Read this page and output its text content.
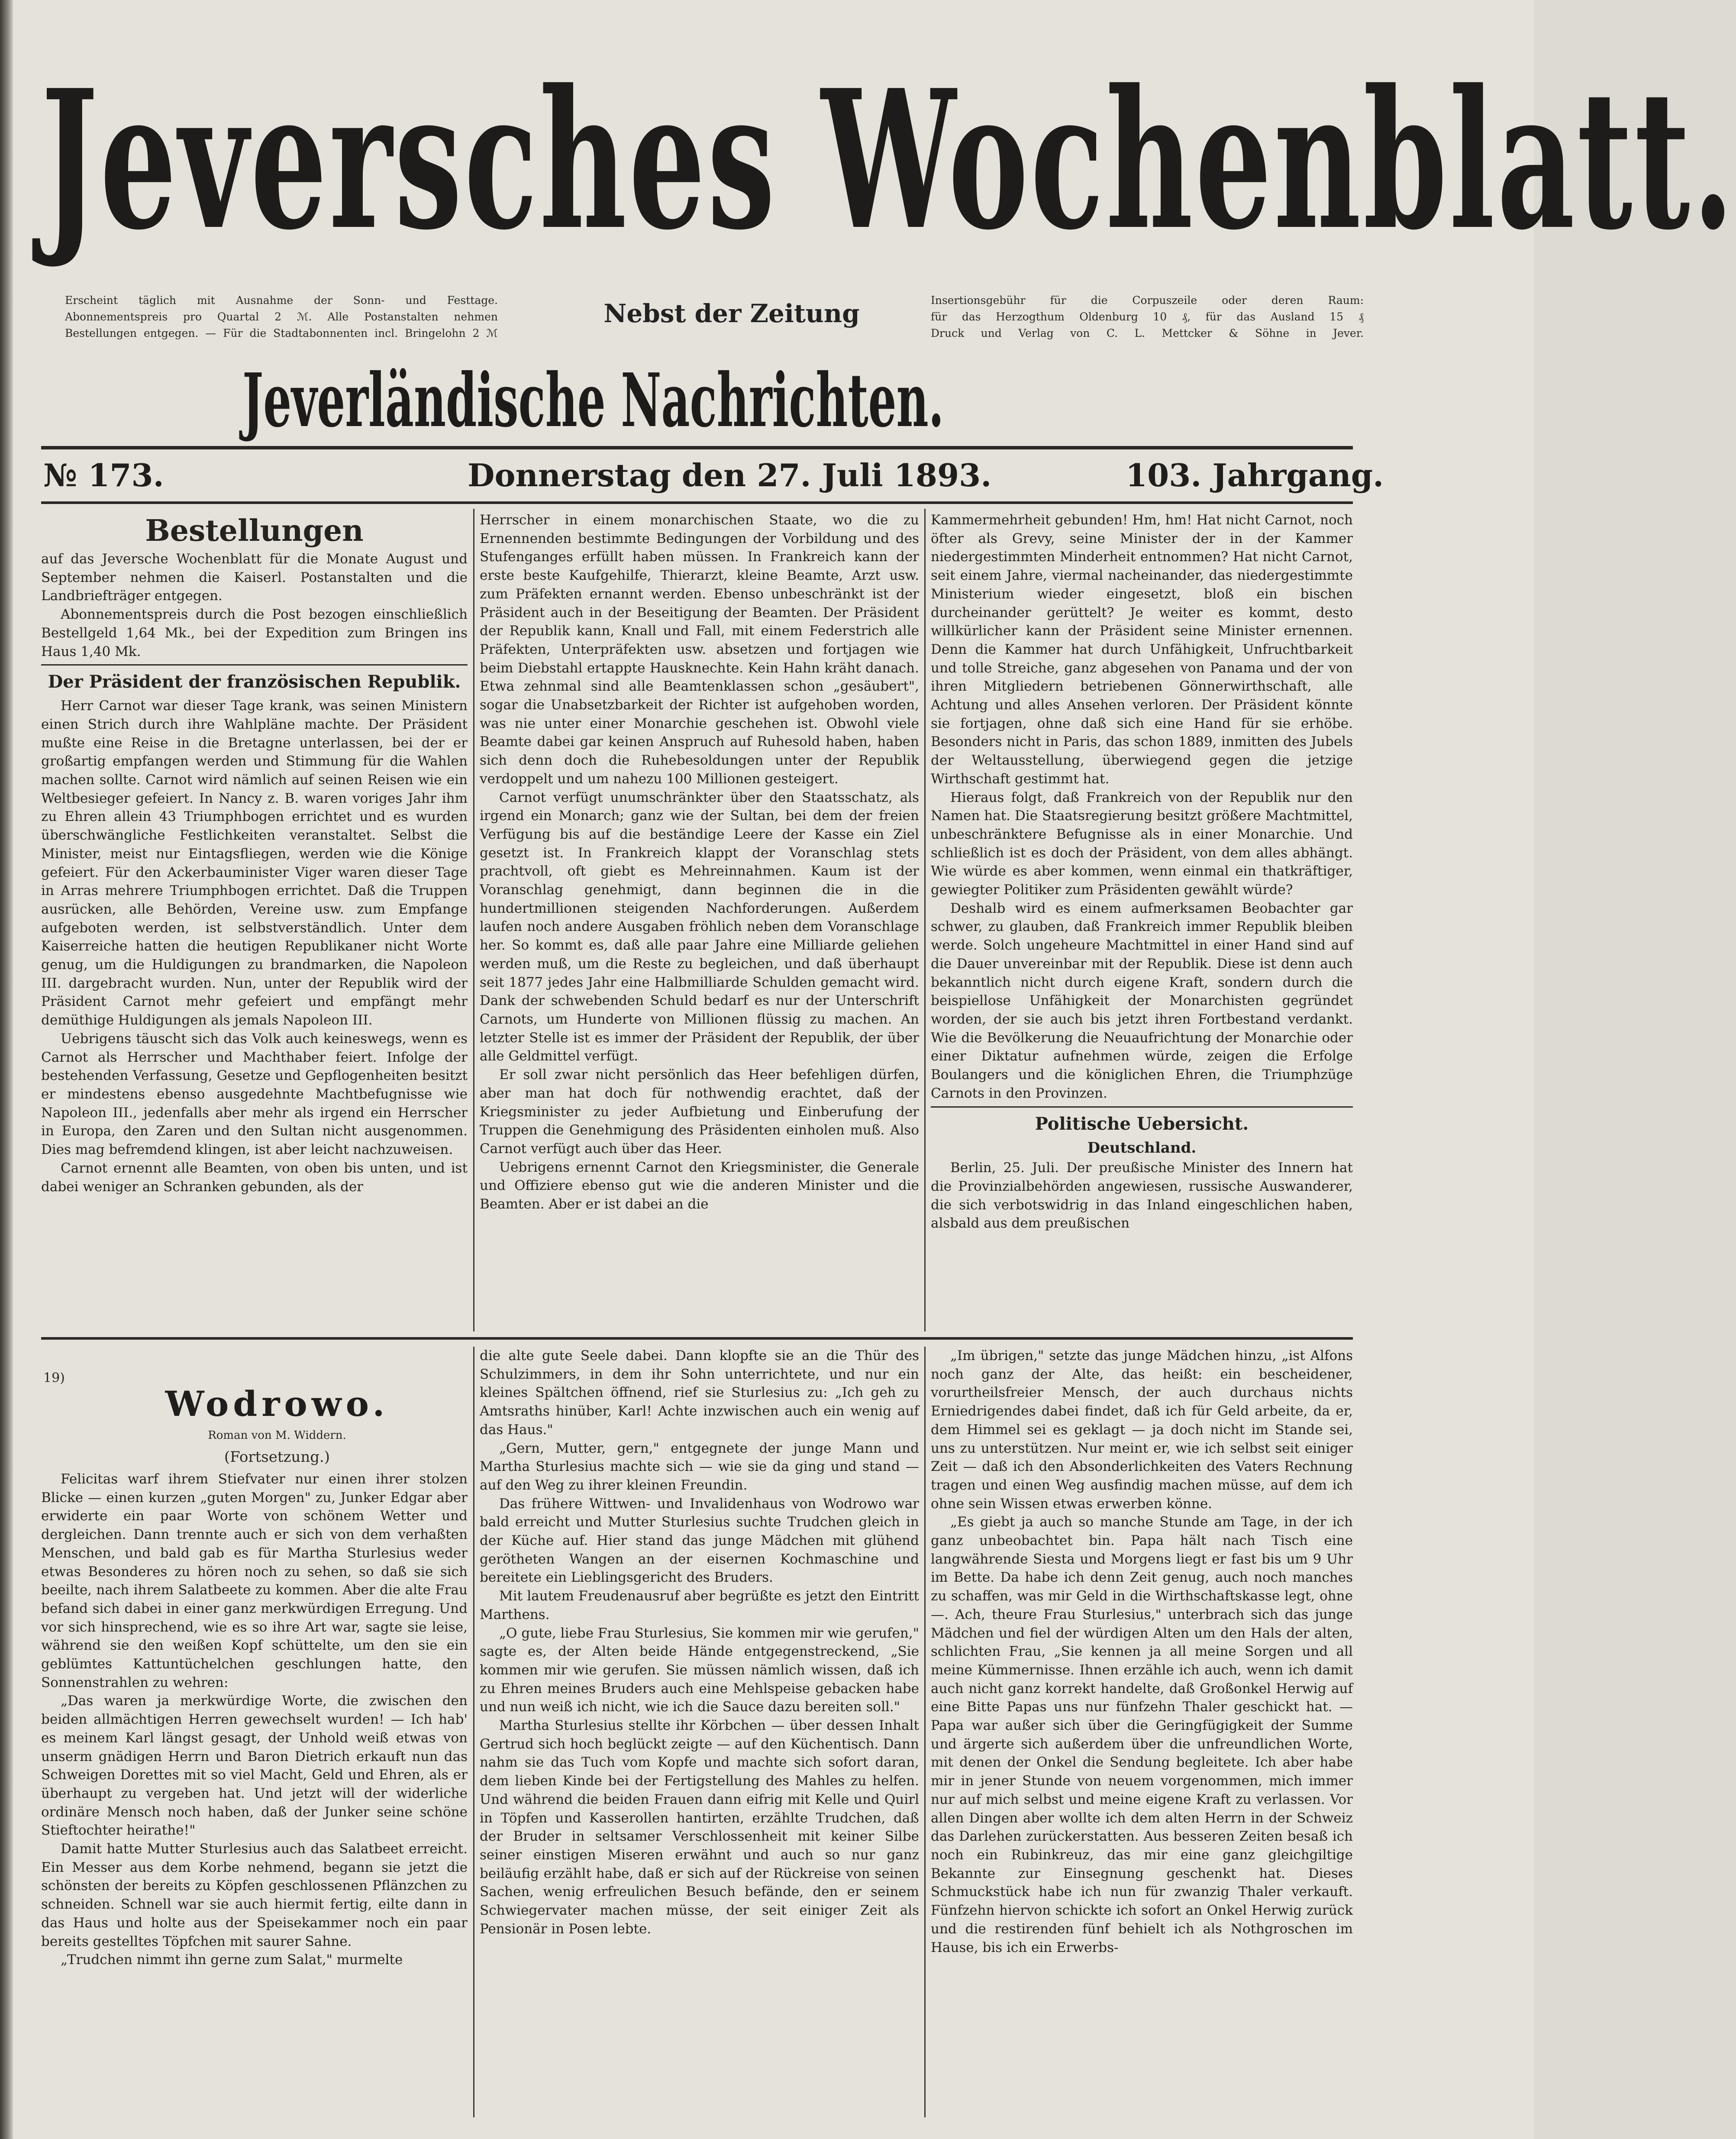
Jeversches Wochenblatt.
Erscheint täglich mit Ausnahme der Sonn- und Festtage.
Abonnementspreis pro Quartal 2 ℳ. Alle Postanstalten nehmen
Bestellungen entgegen. — Für die Stadtabonnenten incl. Bringelohn 2 ℳ
Nebst der Zeitung	Insertionsgebühr für die Corpuszeile oder deren Raum:
für das Herzogthum Oldenburg 10 ₰, für das Ausland 15 ₰
Druck und Verlag von C. L. Mettcker & Söhne in Jever.
Jeverländische Nachrichten.
№ 173.	Donnerstag den 27. Juli 1893.	103. Jahrgang.

Bestellungen

auf das Jeversche Wochenblatt für die Monate August und September nehmen die Kaiserl. Postanstalten und die Landbriefträger entgegen.

Abonnementspreis durch die Post bezogen einschließlich Bestellgeld 1,64 Mk., bei der Expedition zum Bringen ins Haus 1,40 Mk.

Der Präsident der französischen Republik.

Herr Carnot war dieser Tage krank, was seinen Ministern einen Strich durch ihre Wahlpläne machte. Der Präsident mußte eine Reise in die Bretagne unterlassen, bei der er großartig empfangen werden und Stimmung für die Wahlen machen sollte. Carnot wird nämlich auf seinen Reisen wie ein Weltbesieger gefeiert. In Nancy z. B. waren voriges Jahr ihm zu Ehren allein 43 Triumphbogen errichtet und es wurden überschwängliche Festlichkeiten veranstaltet. Selbst die Minister, meist nur Eintagsfliegen, werden wie die Könige gefeiert. Für den Ackerbauminister Viger waren dieser Tage in Arras mehrere Triumphbogen errichtet. Daß die Truppen ausrücken, alle Behörden, Vereine usw. zum Empfange aufgeboten werden, ist selbstverständlich. Unter dem Kaiserreiche hatten die heutigen Republikaner nicht Worte genug, um die Huldigungen zu brandmarken, die Napoleon III. dargebracht wurden. Nun, unter der Republik wird der Präsident Carnot mehr gefeiert und empfängt mehr demüthige Huldigungen als jemals Napoleon III.

Uebrigens täuscht sich das Volk auch keineswegs, wenn es Carnot als Herrscher und Machthaber feiert. Infolge der bestehenden Verfassung, Gesetze und Gepflogenheiten besitzt er mindestens ebenso ausgedehnte Machtbefugnisse wie Napoleon III., jedenfalls aber mehr als irgend ein Herrscher in Europa, den Zaren und den Sultan nicht ausgenommen. Dies mag befremdend klingen, ist aber leicht nachzuweisen.

Carnot ernennt alle Beamten, von oben bis unten, und ist dabei weniger an Schranken gebunden, als der

Herrscher in einem monarchischen Staate, wo die zu Ernennenden bestimmte Bedingungen der Vorbildung und des Stufenganges erfüllt haben müssen. In Frankreich kann der erste beste Kaufgehilfe, Thierarzt, kleine Beamte, Arzt usw. zum Präfekten ernannt werden. Ebenso unbeschränkt ist der Präsident auch in der Beseitigung der Beamten. Der Präsident der Republik kann, Knall und Fall, mit einem Federstrich alle Präfekten, Unterpräfekten usw. absetzen und fortjagen wie beim Diebstahl ertappte Hausknechte. Kein Hahn kräht danach. Etwa zehnmal sind alle Beamtenklassen schon „gesäubert", sogar die Unabsetzbarkeit der Richter ist aufgehoben worden, was nie unter einer Monarchie geschehen ist. Obwohl viele Beamte dabei gar keinen Anspruch auf Ruhesold haben, haben sich denn doch die Ruhebesoldungen unter der Republik verdoppelt und um nahezu 100 Millionen gesteigert.

Carnot verfügt unumschränkter über den Staatsschatz, als irgend ein Monarch; ganz wie der Sultan, bei dem der freien Verfügung bis auf die beständige Leere der Kasse ein Ziel gesetzt ist. In Frankreich klappt der Voranschlag stets prachtvoll, oft giebt es Mehreinnahmen. Kaum ist der Voranschlag genehmigt, dann beginnen die in die hundertmillionen steigenden Nachforderungen. Außerdem laufen noch andere Ausgaben fröhlich neben dem Voranschlage her. So kommt es, daß alle paar Jahre eine Milliarde geliehen werden muß, um die Reste zu begleichen, und daß überhaupt seit 1877 jedes Jahr eine Halbmilliarde Schulden gemacht wird. Dank der schwebenden Schuld bedarf es nur der Unterschrift Carnots, um Hunderte von Millionen flüssig zu machen. An letzter Stelle ist es immer der Präsident der Republik, der über alle Geldmittel verfügt.

Er soll zwar nicht persönlich das Heer befehligen dürfen, aber man hat doch für nothwendig erachtet, daß der Kriegsminister zu jeder Aufbietung und Einberufung der Truppen die Genehmigung des Präsidenten einholen muß. Also Carnot verfügt auch über das Heer.

Uebrigens ernennt Carnot den Kriegsminister, die Generale und Offiziere ebenso gut wie die anderen Minister und die Beamten. Aber er ist dabei an die

Kammermehrheit gebunden! Hm, hm! Hat nicht Carnot, noch öfter als Grevy, seine Minister der in der Kammer niedergestimmten Minderheit entnommen? Hat nicht Carnot, seit einem Jahre, viermal nacheinander, das niedergestimmte Ministerium wieder eingesetzt, bloß ein bischen durcheinander gerüttelt? Je weiter es kommt, desto willkürlicher kann der Präsident seine Minister ernennen. Denn die Kammer hat durch Unfähigkeit, Unfruchtbarkeit und tolle Streiche, ganz abgesehen von Panama und der von ihren Mitgliedern betriebenen Gönnerwirthschaft, alle Achtung und alles Ansehen verloren. Der Präsident könnte sie fortjagen, ohne daß sich eine Hand für sie erhöbe. Besonders nicht in Paris, das schon 1889, inmitten des Jubels der Weltausstellung, überwiegend gegen die jetzige Wirthschaft gestimmt hat.

Hieraus folgt, daß Frankreich von der Republik nur den Namen hat. Die Staatsregierung besitzt größere Machtmittel, unbeschränktere Befugnisse als in einer Monarchie. Und schließlich ist es doch der Präsident, von dem alles abhängt. Wie würde es aber kommen, wenn einmal ein thatkräftiger, gewiegter Politiker zum Präsidenten gewählt würde?

Deshalb wird es einem aufmerksamen Beobachter gar schwer, zu glauben, daß Frankreich immer Republik bleiben werde. Solch ungeheure Machtmittel in einer Hand sind auf die Dauer unvereinbar mit der Republik. Diese ist denn auch bekanntlich nicht durch eigene Kraft, sondern durch die beispiellose Unfähigkeit der Monarchisten gegründet worden, der sie auch bis jetzt ihren Fortbestand verdankt. Wie die Bevölkerung die Neuaufrichtung der Monarchie oder einer Diktatur aufnehmen würde, zeigen die Erfolge Boulangers und die königlichen Ehren, die Triumphzüge Carnots in den Provinzen.

Politische Uebersicht.

Deutschland.

Berlin, 25. Juli. Der preußische Minister des Innern hat die Provinzialbehörden angewiesen, russische Auswanderer, die sich verbotswidrig in das Inland eingeschlichen haben, alsbald aus dem preußischen

19)
Wodrowo.
Roman von M. Widdern.
(Fortsetzung.)

Felicitas warf ihrem Stiefvater nur einen ihrer stolzen Blicke — einen kurzen „guten Morgen" zu, Junker Edgar aber erwiderte ein paar Worte von schönem Wetter und dergleichen. Dann trennte auch er sich von dem verhaßten Menschen, und bald gab es für Martha Sturlesius weder etwas Besonderes zu hören noch zu sehen, so daß sie sich beeilte, nach ihrem Salatbeete zu kommen. Aber die alte Frau befand sich dabei in einer ganz merkwürdigen Erregung. Und vor sich hinsprechend, wie es so ihre Art war, sagte sie leise, während sie den weißen Kopf schüttelte, um den sie ein geblümtes Kattuntüchelchen geschlungen hatte, den Sonnenstrahlen zu wehren:

„Das waren ja merkwürdige Worte, die zwischen den beiden allmächtigen Herren gewechselt wurden! — Ich hab' es meinem Karl längst gesagt, der Unhold weiß etwas von unserm gnädigen Herrn und Baron Dietrich erkauft nun das Schweigen Dorettes mit so viel Macht, Geld und Ehren, als er überhaupt zu vergeben hat. Und jetzt will der widerliche ordinäre Mensch noch haben, daß der Junker seine schöne Stieftochter heirathe!"

Damit hatte Mutter Sturlesius auch das Salatbeet erreicht. Ein Messer aus dem Korbe nehmend, begann sie jetzt die schönsten der bereits zu Köpfen geschlossenen Pflänzchen zu schneiden. Schnell war sie auch hiermit fertig, eilte dann in das Haus und holte aus der Speisekammer noch ein paar bereits gestelltes Töpfchen mit saurer Sahne.

„Trudchen nimmt ihn gerne zum Salat," murmelte

die alte gute Seele dabei. Dann klopfte sie an die Thür des Schulzimmers, in dem ihr Sohn unterrichtete, und nur ein kleines Spältchen öffnend, rief sie Sturlesius zu: „Ich geh zu Amtsraths hinüber, Karl! Achte inzwischen auch ein wenig auf das Haus."

„Gern, Mutter, gern," entgegnete der junge Mann und Martha Sturlesius machte sich — wie sie da ging und stand — auf den Weg zu ihrer kleinen Freundin.

Das frühere Wittwen- und Invalidenhaus von Wodrowo war bald erreicht und Mutter Sturlesius suchte Trudchen gleich in der Küche auf. Hier stand das junge Mädchen mit glühend gerötheten Wangen an der eisernen Kochmaschine und bereitete ein Lieblingsgericht des Bruders.

Mit lautem Freudenausruf aber begrüßte es jetzt den Eintritt Marthens.

„O gute, liebe Frau Sturlesius, Sie kommen mir wie gerufen," sagte es, der Alten beide Hände entgegenstreckend, „Sie kommen mir wie gerufen. Sie müssen nämlich wissen, daß ich zu Ehren meines Bruders auch eine Mehlspeise gebacken habe und nun weiß ich nicht, wie ich die Sauce dazu bereiten soll."

Martha Sturlesius stellte ihr Körbchen — über dessen Inhalt Gertrud sich hoch beglückt zeigte — auf den Küchentisch. Dann nahm sie das Tuch vom Kopfe und machte sich sofort daran, dem lieben Kinde bei der Fertigstellung des Mahles zu helfen. Und während die beiden Frauen dann eifrig mit Kelle und Quirl in Töpfen und Kasserollen hantirten, erzählte Trudchen, daß der Bruder in seltsamer Verschlossenheit mit keiner Silbe seiner einstigen Miseren erwähnt und auch so nur ganz beiläufig erzählt habe, daß er sich auf der Rückreise von seinen Sachen, wenig erfreulichen Besuch befände, den er seinem Schwiegervater machen müsse, der seit einiger Zeit als Pensionär in Posen lebte.

„Im übrigen," setzte das junge Mädchen hinzu, „ist Alfons noch ganz der Alte, das heißt: ein bescheidener, vorurtheilsfreier Mensch, der auch durchaus nichts Erniedrigendes dabei findet, daß ich für Geld arbeite, da er, dem Himmel sei es geklagt — ja doch nicht im Stande sei, uns zu unterstützen. Nur meint er, wie ich selbst seit einiger Zeit — daß ich den Absonderlichkeiten des Vaters Rechnung tragen und einen Weg ausfindig machen müsse, auf dem ich ohne sein Wissen etwas erwerben könne.

„Es giebt ja auch so manche Stunde am Tage, in der ich ganz unbeobachtet bin. Papa hält nach Tisch eine langwährende Siesta und Morgens liegt er fast bis um 9 Uhr im Bette. Da habe ich denn Zeit genug, auch noch manches zu schaffen, was mir Geld in die Wirthschaftskasse legt, ohne —. Ach, theure Frau Sturlesius," unterbrach sich das junge Mädchen und fiel der würdigen Alten um den Hals der alten, schlichten Frau, „Sie kennen ja all meine Sorgen und all meine Kümmernisse. Ihnen erzähle ich auch, wenn ich damit auch nicht ganz korrekt handelte, daß Großonkel Herwig auf eine Bitte Papas uns nur fünfzehn Thaler geschickt hat. — Papa war außer sich über die Geringfügigkeit der Summe und ärgerte sich außerdem über die unfreundlichen Worte, mit denen der Onkel die Sendung begleitete. Ich aber habe mir in jener Stunde von neuem vorgenommen, mich immer nur auf mich selbst und meine eigene Kraft zu verlassen. Vor allen Dingen aber wollte ich dem alten Herrn in der Schweiz das Darlehen zurückerstatten. Aus besseren Zeiten besaß ich noch ein Rubinkreuz, das mir eine ganz gleichgiltige Bekannte zur Einsegnung geschenkt hat. Dieses Schmuckstück habe ich nun für zwanzig Thaler verkauft. Fünfzehn hiervon schickte ich sofort an Onkel Herwig zurück und die restirenden fünf behielt ich als Nothgroschen im Hause, bis ich ein Erwerbs-
